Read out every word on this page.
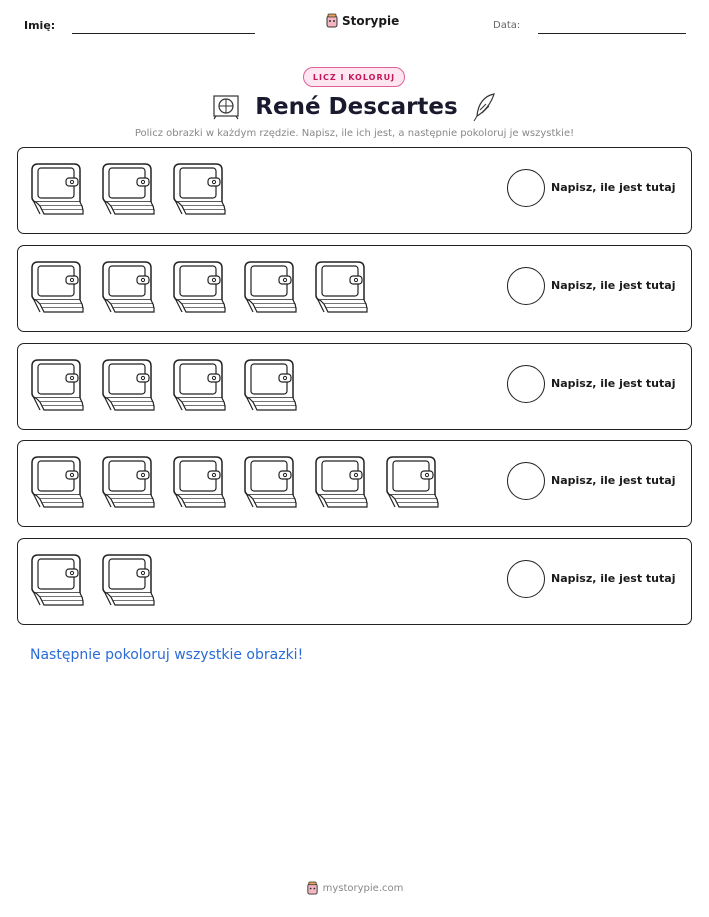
Imię:	Storypie	Data:
LICZ I KOLORUJ
René Descartes
Policz obrazki w każdym rzędzie. Napisz, ile ich jest, a następnie pokoloruj je wszystkie!
Napisz, ile jest tutaj
Napisz, ile jest tutaj
Napisz, ile jest tutaj
Napisz, ile jest tutaj
Napisz, ile jest tutaj
Następnie pokoloruj wszystkie obrazki!
mystorypie.com
